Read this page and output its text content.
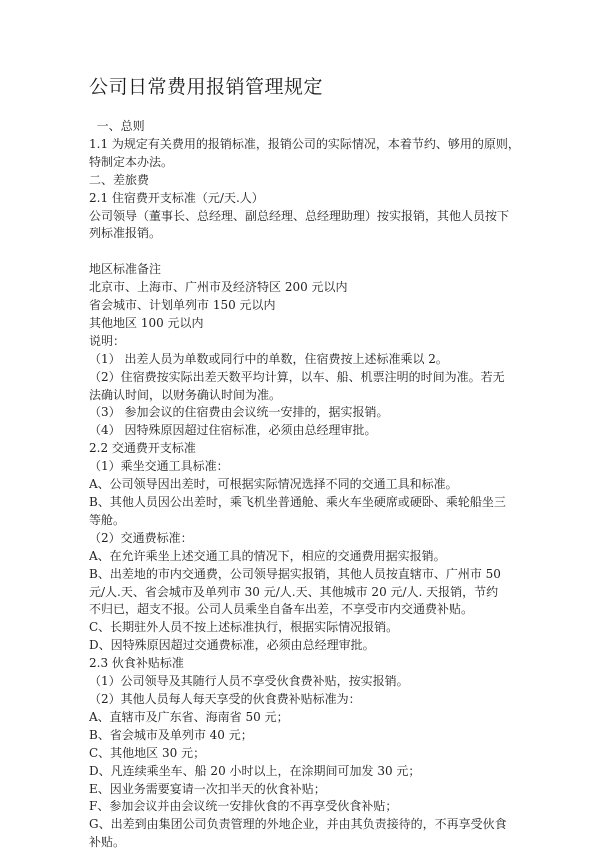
公司日常费用报销管理规定
一、总则
1.1 为规定有关费用的报销标准，报销公司的实际情况，本着节约、够用的原则，
特制定本办法。
二、差旅费
2.1 住宿费开支标准（元/天.人）
公司领导（董事长、总经理、副总经理、总经理助理）按实报销，其他人员按下
列标准报销。
地区标准备注
北京市、上海市、广州市及经济特区 200 元以内
省会城市、计划单列市 150 元以内
其他地区 100 元以内
说明：
（1） 出差人员为单数或同行中的单数，住宿费按上述标准乘以 2。
（2）住宿费按实际出差天数平均计算，以车、船、机票注明的时间为准。若无
法确认时间，以财务确认时间为准。
（3） 参加会议的住宿费由会议统一安排的，据实报销。
（4） 因特殊原因超过住宿标准，必须由总经理审批。
2.2 交通费开支标准
（1）乘坐交通工具标准：
A、公司领导因出差时，可根据实际情况选择不同的交通工具和标准。
B、其他人员因公出差时，乘飞机坐普通舱、乘火车坐硬席或硬卧、乘轮船坐三
等舱。
（2）交通费标准：
A、在允许乘坐上述交通工具的情况下，相应的交通费用据实报销。
B、出差地的市内交通费，公司领导据实报销，其他人员按直辖市、广州市 50
元/人.天、省会城市及单列市 30 元/人.天、其他城市 20 元/人. 天报销，节约
不归已，超支不报。公司人员乘坐自备车出差，不享受市内交通费补贴。
C、长期驻外人员不按上述标准执行，根据实际情况报销。
D、因特殊原因超过交通费标准，必须由总经理审批。
2.3 伙食补贴标准
（1）公司领导及其随行人员不享受伙食费补贴，按实报销。
（2）其他人员每人每天享受的伙食费补贴标准为：
A、直辖市及广东省、海南省 50 元；
B、省会城市及单列市 40 元；
C、其他地区 30 元；
D、凡连续乘坐车、船 20 小时以上，在涂期间可加发 30 元；
E、因业务需要宴请一次扣半天的伙食补贴；
F、参加会议并由会议统一安排伙食的不再享受伙食补贴；
G、出差到由集团公司负责管理的外地企业，并由其负责接待的，不再享受伙食
补贴。
